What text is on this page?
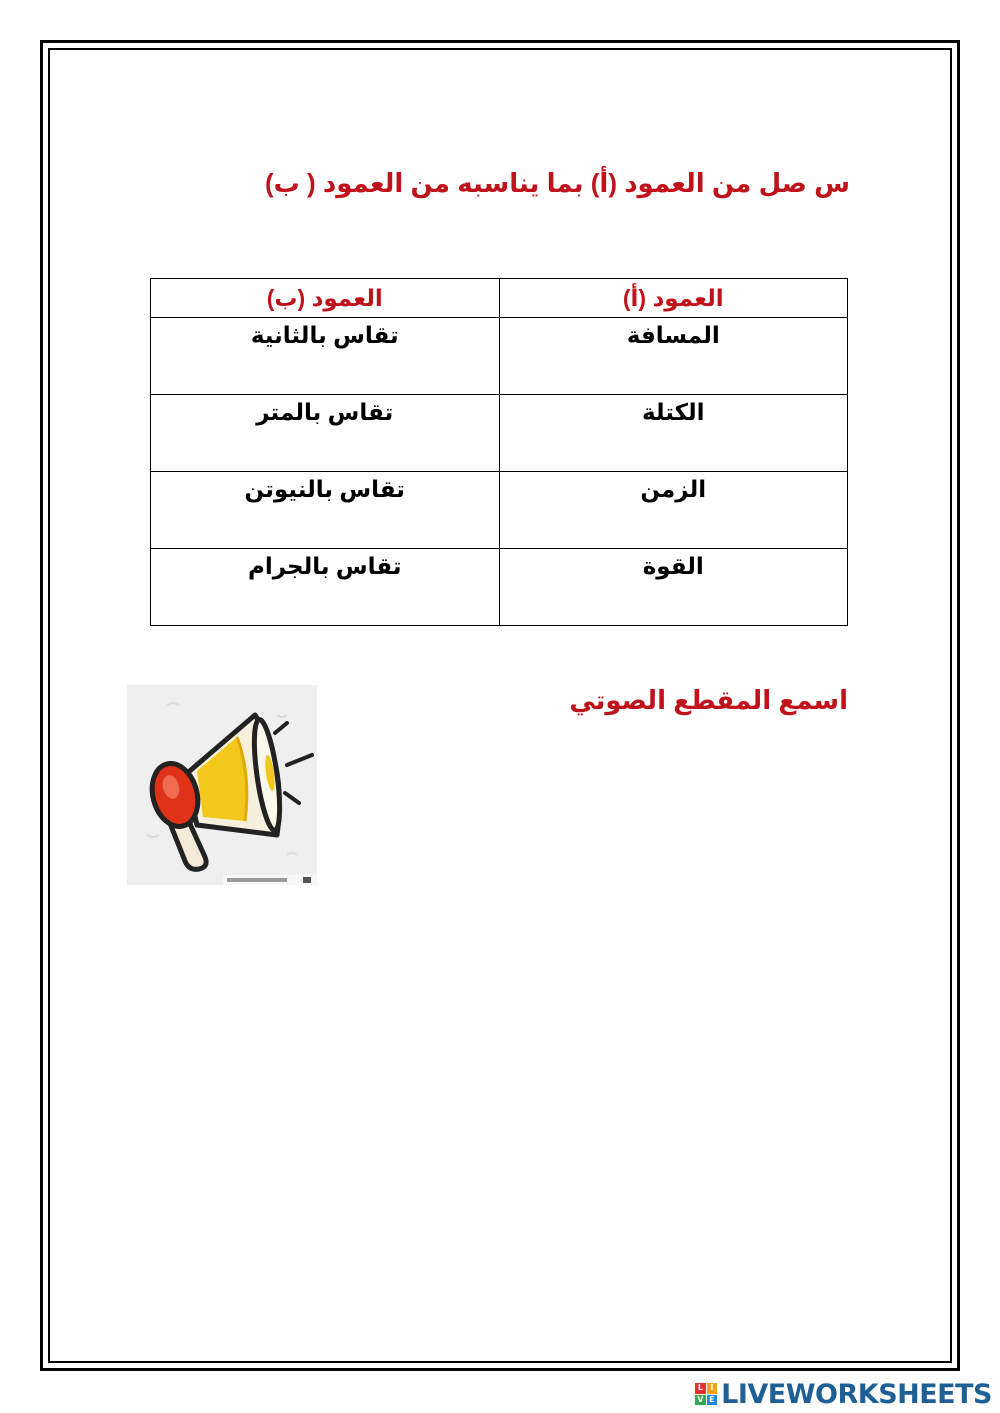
س صل من العمود (أ) بما يناسبه من العمود ( ب)
العمود (أ)	العمود (ب)
المسافة	تقاس بالثانية
الكتلة	تقاس بالمتر
الزمن	تقاس بالنيوتن
القوة	تقاس بالجرام
اسمع المقطع الصوتي
L I
V E LIVEWORKSHEETS
